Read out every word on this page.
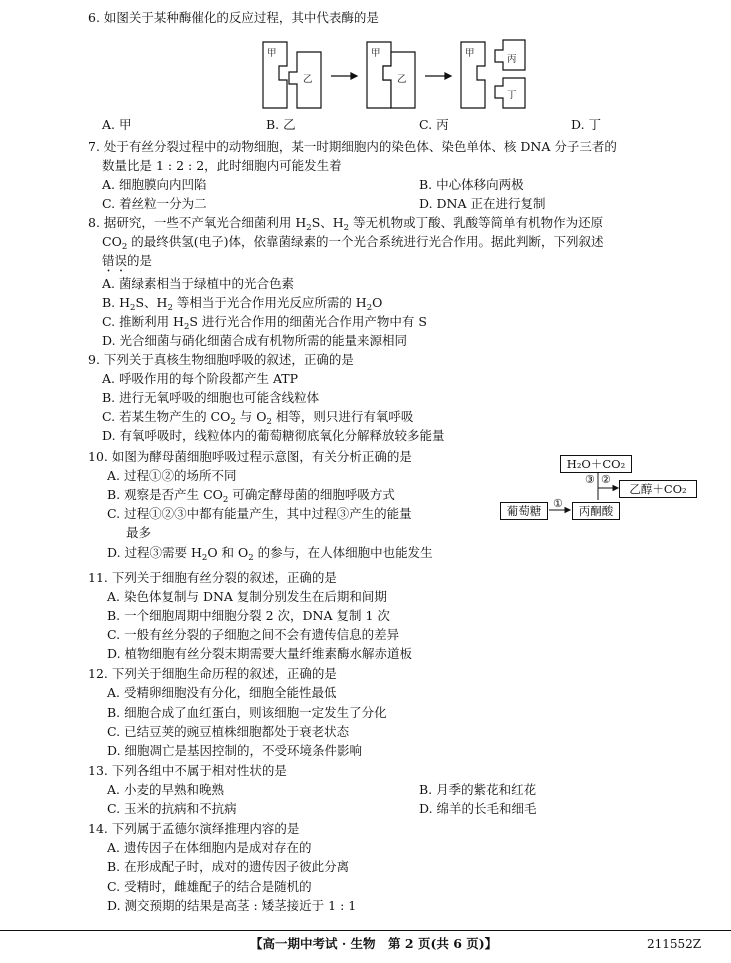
6. 如图关于某种酶催化的反应过程，其中代表酶的是
甲
乙
甲
乙
甲
丙
丁
A. 甲	B. 乙	C. 丙	D. 丁
7. 处于有丝分裂过程中的动物细胞，某一时期细胞内的染色体、染色单体、核 DNA 分子三者的
数量比是 1 : 2 : 2，此时细胞内可能发生着
A. 细胞膜向内凹陷	B. 中心体移向两极
C. 着丝粒一分为二	D. DNA 正在进行复制
8. 据研究，一些不产氧光合细菌利用 $H_2S$、$H_2$ 等无机物或丁酸、乳酸等简单有机物作为还原
$CO_2$ 的最终供氢(电子)体，依靠菌绿素的一个光合系统进行光合作用。据此判断，下列叙述
错误的是
A. 菌绿素相当于绿植中的光合色素
B. $H_2S$、$H_2$ 等相当于光合作用光反应所需的 $H_2O$
C. 推断利用 $H_2S$ 进行光合作用的细菌光合作用产物中有 S
D. 光合细菌与硝化细菌合成有机物所需的能量来源相同
9. 下列关于真核生物细胞呼吸的叙述，正确的是
A. 呼吸作用的每个阶段都产生 ATP
B. 进行无氧呼吸的细胞也可能含线粒体
C. 若某生物产生的 $CO_2$ 与 $O_2$ 相等，则只进行有氧呼吸
D. 有氧呼吸时，线粒体内的葡萄糖彻底氧化分解释放较多能量
10. 如图为酵母菌细胞呼吸过程示意图，有关分析正确的是
A. 过程①②的场所不同
B. 观察是否产生 $CO_2$ 可确定酵母菌的细胞呼吸方式
C. 过程①②③中都有能量产生，其中过程③产生的能量
最多
D. 过程③需要 $H_2O$ 和 $O_2$ 的参与，在人体细胞中也能发生
H₂O＋CO₂
乙醇＋CO₂
葡萄糖	丙酮酸
①
②
③
11. 下列关于细胞有丝分裂的叙述，正确的是
A. 染色体复制与 DNA 复制分别发生在后期和间期
B. 一个细胞周期中细胞分裂 2 次，DNA 复制 1 次
C. 一般有丝分裂的子细胞之间不会有遗传信息的差异
D. 植物细胞有丝分裂末期需要大量纤维素酶水解赤道板
12. 下列关于细胞生命历程的叙述，正确的是
A. 受精卵细胞没有分化，细胞全能性最低
B. 细胞合成了血红蛋白，则该细胞一定发生了分化
C. 已结豆荚的豌豆植株细胞都处于衰老状态
D. 细胞凋亡是基因控制的，不受环境条件影响
13. 下列各组中不属于相对性状的是
A. 小麦的早熟和晚熟	B. 月季的紫花和红花
C. 玉米的抗病和不抗病	D. 绵羊的长毛和细毛
14. 下列属于孟德尔演绎推理内容的是
A. 遗传因子在体细胞内是成对存在的
B. 在形成配子时，成对的遗传因子彼此分离
C. 受精时，雌雄配子的结合是随机的
D. 测交预期的结果是高茎 : 矮茎接近于 1 : 1
【高一期中考试 · 生物　第 2 页(共 6 页)】	211552Z
